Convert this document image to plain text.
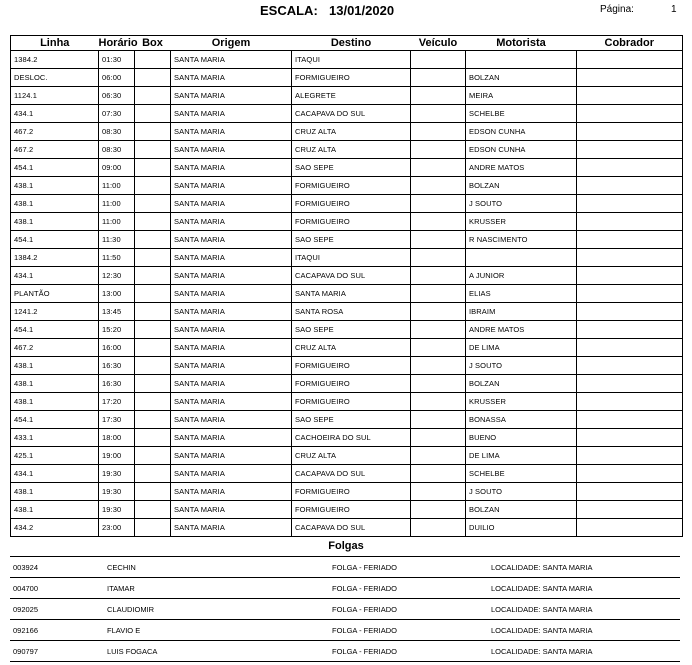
ESCALA: 13/01/2020	Página:	1
Linha	Horário	Box	Origem	Destino	Veículo	Motorista	Cobrador
1384.2	01:30		SANTA MARIA	ITAQUI			
DESLOC.	06:00		SANTA MARIA	FORMIGUEIRO		BOLZAN	
1124.1	06:30		SANTA MARIA	ALEGRETE		MEIRA	
434.1	07:30		SANTA MARIA	CACAPAVA DO SUL		SCHELBE	
467.2	08:30		SANTA MARIA	CRUZ ALTA		EDSON CUNHA	
467.2	08:30		SANTA MARIA	CRUZ ALTA		EDSON CUNHA	
454.1	09:00		SANTA MARIA	SAO SEPE		ANDRE MATOS	
438.1	11:00		SANTA MARIA	FORMIGUEIRO		BOLZAN	
438.1	11:00		SANTA MARIA	FORMIGUEIRO		J SOUTO	
438.1	11:00		SANTA MARIA	FORMIGUEIRO		KRUSSER	
454.1	11:30		SANTA MARIA	SAO SEPE		R NASCIMENTO	
1384.2	11:50		SANTA MARIA	ITAQUI			
434.1	12:30		SANTA MARIA	CACAPAVA DO SUL		A JUNIOR	
PLANTÃO	13:00		SANTA MARIA	SANTA MARIA		ELIAS	
1241.2	13:45		SANTA MARIA	SANTA ROSA		IBRAIM	
454.1	15:20		SANTA MARIA	SAO SEPE		ANDRE MATOS	
467.2	16:00		SANTA MARIA	CRUZ ALTA		DE LIMA	
438.1	16:30		SANTA MARIA	FORMIGUEIRO		J SOUTO	
438.1	16:30		SANTA MARIA	FORMIGUEIRO		BOLZAN	
438.1	17:20		SANTA MARIA	FORMIGUEIRO		KRUSSER	
454.1	17:30		SANTA MARIA	SAO SEPE		BONASSA	
433.1	18:00		SANTA MARIA	CACHOEIRA DO SUL		BUENO	
425.1	19:00		SANTA MARIA	CRUZ ALTA		DE LIMA	
434.1	19:30		SANTA MARIA	CACAPAVA DO SUL		SCHELBE	
438.1	19:30		SANTA MARIA	FORMIGUEIRO		J SOUTO	
438.1	19:30		SANTA MARIA	FORMIGUEIRO		BOLZAN	
434.2	23:00		SANTA MARIA	CACAPAVA DO SUL		DUILIO	
Folgas
003924	CECHIN	FOLGA - FERIADO	LOCALIDADE: SANTA MARIA
004700	ITAMAR	FOLGA - FERIADO	LOCALIDADE: SANTA MARIA
092025	CLAUDIOMIR	FOLGA - FERIADO	LOCALIDADE: SANTA MARIA
092166	FLAVIO E	FOLGA - FERIADO	LOCALIDADE: SANTA MARIA
090797	LUIS FOGACA	FOLGA - FERIADO	LOCALIDADE: SANTA MARIA
